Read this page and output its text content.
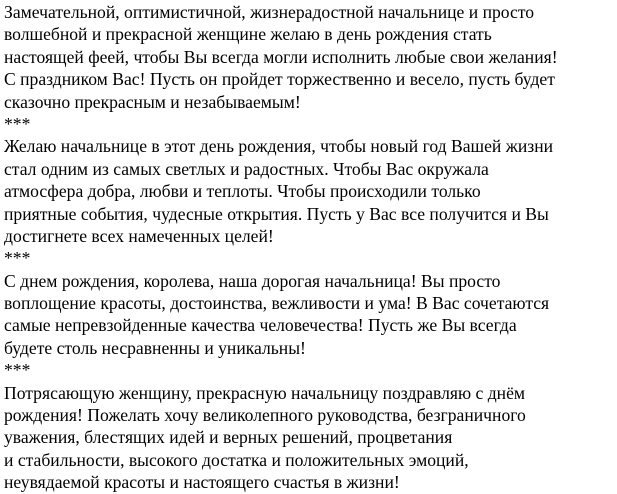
Замечательной, оптимистичной, жизнерадостной начальнице и просто
волшебной и прекрасной женщине желаю в день рождения стать
настоящей феей, чтобы Вы всегда могли исполнить любые свои желания!
С праздником Вас! Пусть он пройдет торжественно и весело, пусть будет
сказочно прекрасным и незабываемым!
***
Желаю начальнице в этот день рождения, чтобы новый год Вашей жизни
стал одним из самых светлых и радостных. Чтобы Вас окружала
атмосфера добра, любви и теплоты. Чтобы происходили только
приятные события, чудесные открытия. Пусть у Вас все получится и Вы
достигнете всех намеченных целей!
***
С днем рождения, королева, наша дорогая начальница! Вы просто
воплощение красоты, достоинства, вежливости и ума! В Вас сочетаются
самые непревзойденные качества человечества! Пусть же Вы всегда
будете столь несравненны и уникальны!
***
Потрясающую женщину, прекрасную начальницу поздравляю с днём
рождения! Пожелать хочу великолепного руководства, безграничного
уважения, блестящих идей и верных решений, процветания
и стабильности, высокого достатка и положительных эмоций,
неувядаемой красоты и настоящего счастья в жизни!
